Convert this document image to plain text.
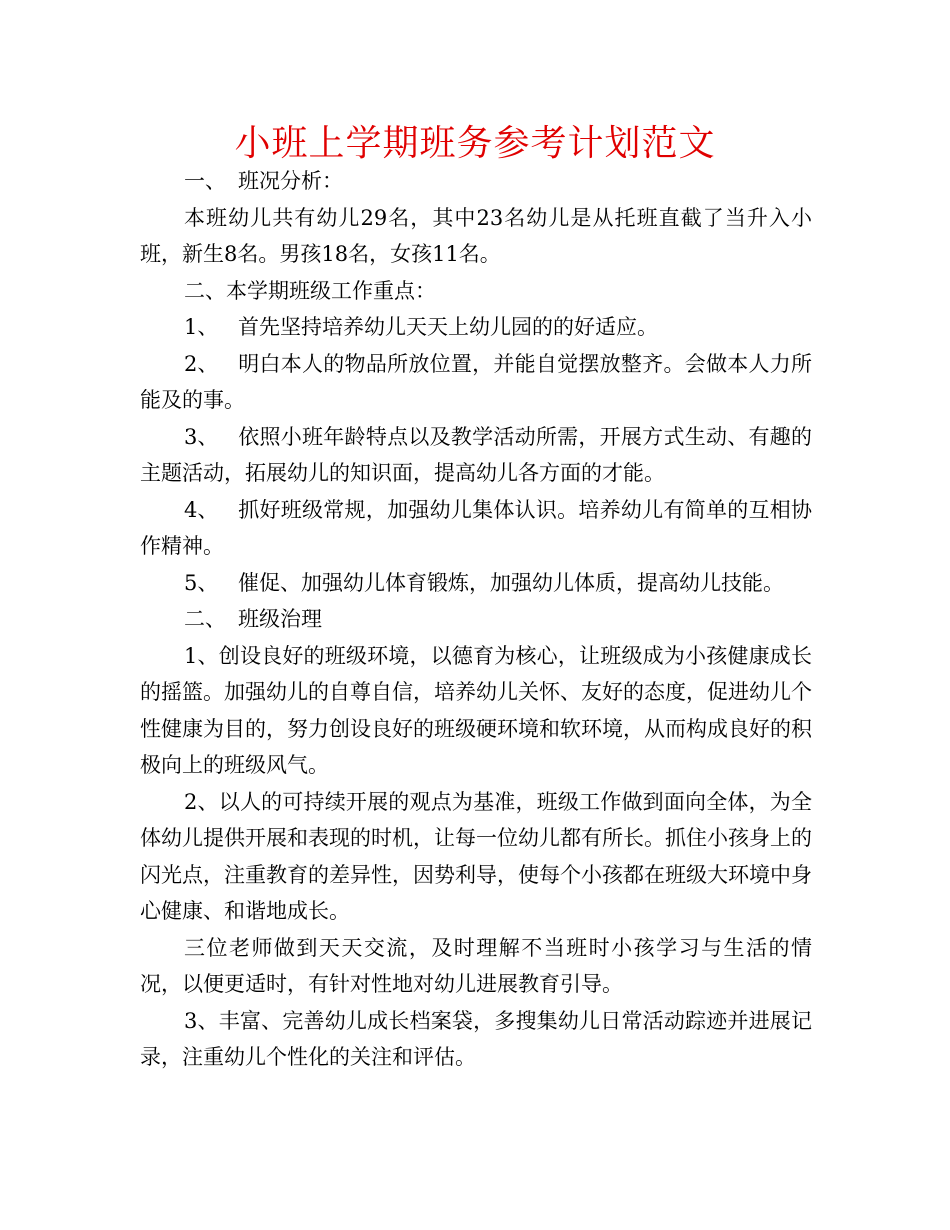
小班上学期班务参考计划范文

一、 班况分析：

本班幼儿共有幼儿29名，其中23名幼儿是从托班直截了当升入小班，新生8名。男孩18名，女孩11名。

二、本学期班级工作重点：

1、 首先坚持培养幼儿天天上幼儿园的的好适应。

2、 明白本人的物品所放位置，并能自觉摆放整齐。会做本人力所能及的事。

3、 依照小班年龄特点以及教学活动所需，开展方式生动、有趣的主题活动，拓展幼儿的知识面，提高幼儿各方面的才能。

4、 抓好班级常规，加强幼儿集体认识。培养幼儿有简单的互相协作精神。

5、 催促、加强幼儿体育锻炼，加强幼儿体质，提高幼儿技能。

二、 班级治理

1、创设良好的班级环境，以德育为核心，让班级成为小孩健康成长的摇篮。加强幼儿的自尊自信，培养幼儿关怀、友好的态度，促进幼儿个性健康为目的，努力创设良好的班级硬环境和软环境，从而构成良好的积极向上的班级风气。

2、以人的可持续开展的观点为基准，班级工作做到面向全体，为全体幼儿提供开展和表现的时机，让每一位幼儿都有所长。抓住小孩身上的闪光点，注重教育的差异性，因势利导，使每个小孩都在班级大环境中身心健康、和谐地成长。

三位老师做到天天交流，及时理解不当班时小孩学习与生活的情况，以便更适时，有针对性地对幼儿进展教育引导。

3、丰富、完善幼儿成长档案袋，多搜集幼儿日常活动踪迹并进展记录，注重幼儿个性化的关注和评估。
